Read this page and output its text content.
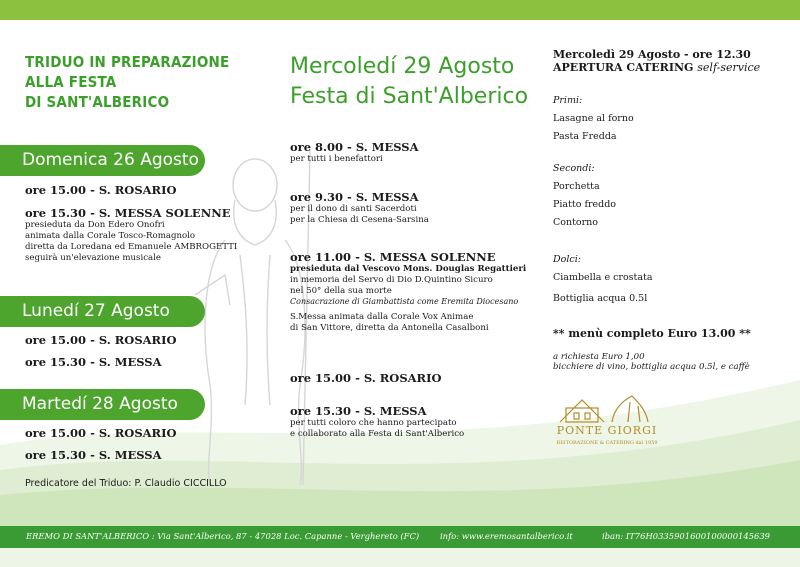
TRIDUO IN PREPARAZIONE
ALLA FESTA
DI SANT'ALBERICO
Domenica 26 Agosto
ore 15.00 - S. ROSARIO
ore 15.30 - S. MESSA SOLENNE
presieduta da Don Edero Onofri
animata dalla Corale Tosco-Romagnolo
diretta da Loredana ed Emanuele AMBROGETTI
seguirà un'elevazione musicale
Lunedí 27 Agosto
ore 15.00 - S. ROSARIO
ore 15.30 - S. MESSA
Martedí 28 Agosto
ore 15.00 - S. ROSARIO
ore 15.30 - S. MESSA
Predicatore del Triduo: P. Claudio CICCILLO
Mercoledí 29 Agosto
Festa di Sant'Alberico
ore 8.00 - S. MESSA
per tutti i benefattori
ore 9.30 - S. MESSA
per il dono di santi Sacerdoti
per la Chiesa di Cesena-Sarsina
ore 11.00 - S. MESSA SOLENNE
presieduta dal Vescovo Mons. Douglas Regattieri
in memoria del Servo di Dio D.Quintino Sicuro
nel 50° della sua morte
Consacrazione di Giambattista come Eremita Diocesano
S.Messa animata dalla Corale Vox Animae
di San Vittore, diretta da Antonella Casalboni
ore 15.00 - S. ROSARIO
ore 15.30 - S. MESSA
per tutti coloro che hanno partecipato
e collaborato alla Festa di Sant'Alberico
Mercoledì 29 Agosto - ore 12.30
APERTURA CATERING self-service
Primi:
Lasagne al forno
Pasta Fredda
Secondi:
Porchetta
Piatto freddo
Contorno
Dolci:
Ciambella e crostata
Bottiglia acqua 0.5l
** menù completo Euro 13.00 **
a richiesta Euro 1,00
bicchiere di vino, bottiglia acqua 0.5l, e caffè
PONTE GIORGI
RISTORAZIONE & CATERING dal 1959
EREMO DI SANT'ALBERICO : Via Sant'Alberico, 87 - 47028 Loc. Capanne - Verghereto (FC) info: www.eremosantalberico.it	iban: IT76H0335901600100000145639
